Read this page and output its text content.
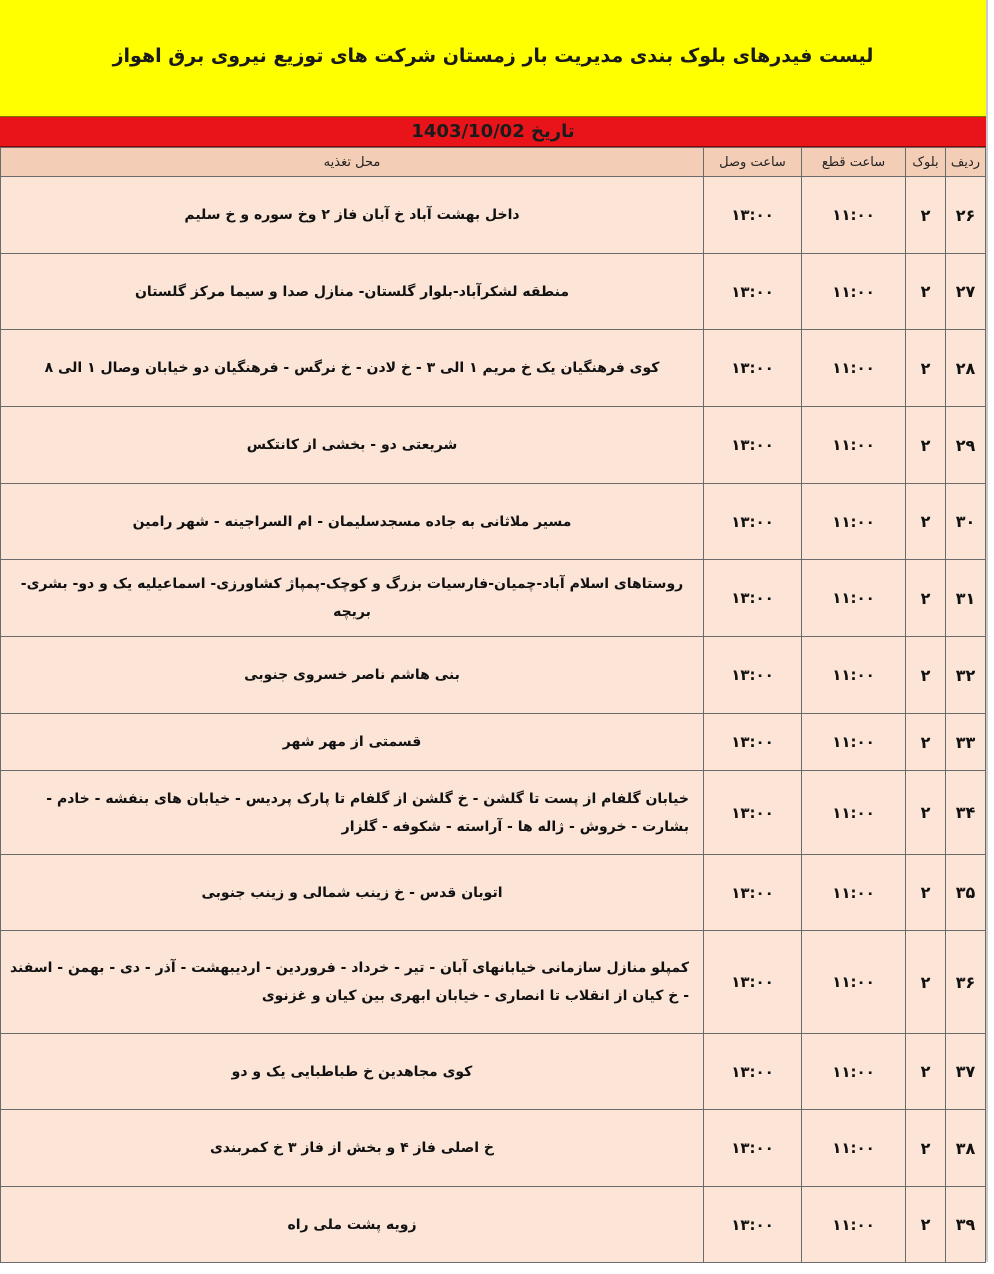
لیست فیدرهای بلوک بندی مدیریت بار زمستان شرکت های توزیع نیروی برق اهواز
تاریخ 1403/10/02
ردیف	بلوک	ساعت قطع	ساعت وصل	محل تغذیه
۲۶	۲	۱۱:۰۰	۱۳:۰۰	داخل بهشت آباد خ آبان فاز ۲ وخ سوره و خ سلیم
۲۷	۲	۱۱:۰۰	۱۳:۰۰	منطقه لشکرآباد-بلوار گلستان- منازل صدا و سیما مرکز گلستان
۲۸	۲	۱۱:۰۰	۱۳:۰۰	کوی فرهنگیان یک خ مریم ۱ الی ۳ - خ لادن - خ نرگس - فرهنگیان دو خیابان وصال ۱ الی ۸
۲۹	۲	۱۱:۰۰	۱۳:۰۰	شریعتی دو - بخشی از کانتکس
۳۰	۲	۱۱:۰۰	۱۳:۰۰	مسیر ملاثانی به جاده مسجدسلیمان - ام السراجینه - شهر رامین
۳۱	۲	۱۱:۰۰	۱۳:۰۰	روستاهای اسلام آباد-چمیان-فارسیات بزرگ و کوچک-پمپاژ کشاورزی- اسماعیلیه یک و دو- بشری- بریچه
۳۲	۲	۱۱:۰۰	۱۳:۰۰	بنی هاشم ناصر خسروی جنوبی
۳۳	۲	۱۱:۰۰	۱۳:۰۰	قسمتی از مهر شهر
۳۴	۲	۱۱:۰۰	۱۳:۰۰	خیابان گلفام از پست تا گلشن - خ گلشن از گلفام تا پارک پردیس - خیابان های بنفشه - خادم - بشارت - خروش - ژاله ها - آراسته - شکوفه - گلزار
۳۵	۲	۱۱:۰۰	۱۳:۰۰	اتوبان قدس - خ زینب شمالی و زینب جنوبی
۳۶	۲	۱۱:۰۰	۱۳:۰۰	کمپلو منازل سازمانی خیابانهای آبان - تیر - خرداد - فروردین - اردیبهشت - آذر - دی - بهمن - اسفند - خ کیان از انقلاب تا انصاری - خیابان ابهری بین کیان و غزنوی
۳۷	۲	۱۱:۰۰	۱۳:۰۰	کوی مجاهدین خ طباطبایی یک و دو
۳۸	۲	۱۱:۰۰	۱۳:۰۰	خ اصلی فاز ۴ و بخش از فاز ۳ خ کمربندی
۳۹	۲	۱۱:۰۰	۱۳:۰۰	زویه پشت ملی راه
